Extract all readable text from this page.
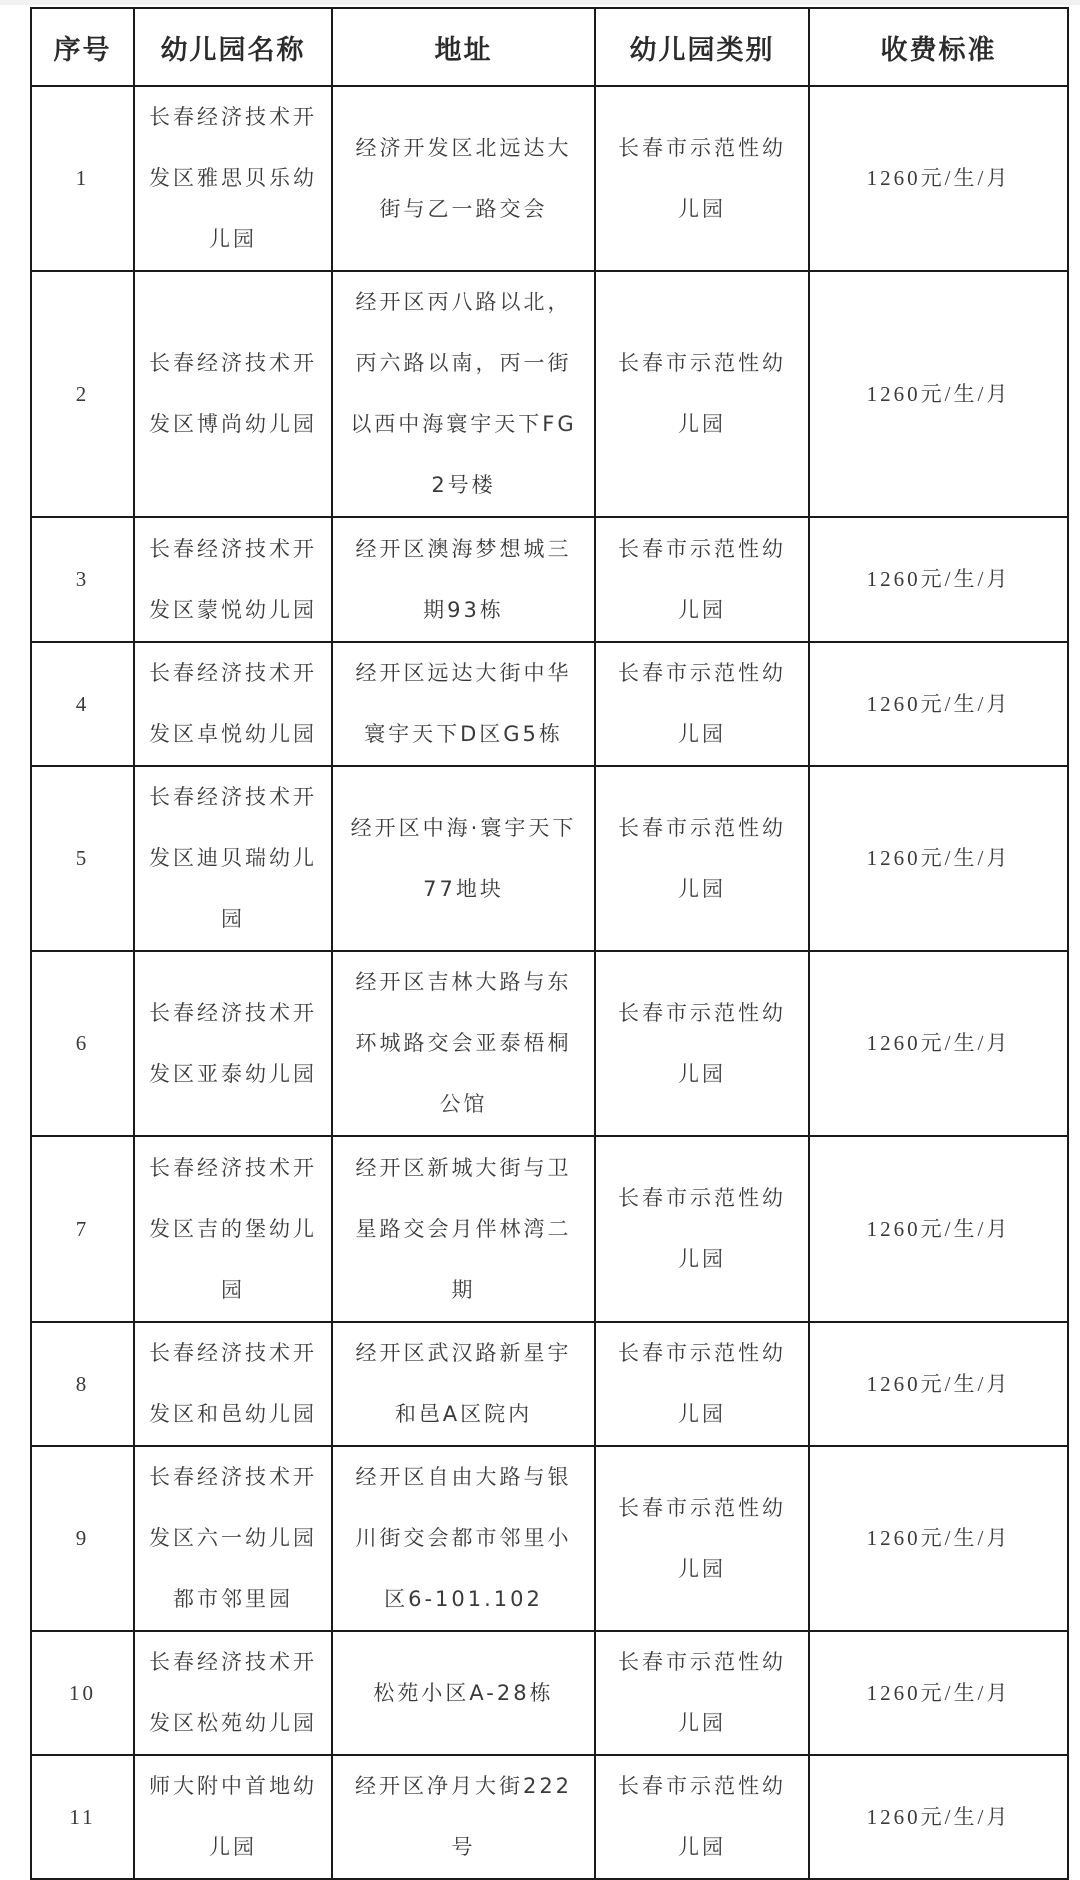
序号	幼儿园名称	地址	幼儿园类别	收费标准
1	长春经济技术开发区雅思贝乐幼儿园	经济开发区北远达大街与乙一路交会	长春市示范性幼儿园	1260元/生/月
2	长春经济技术开发区博尚幼儿园	经开区丙八路以北，丙六路以南，丙一街以西中海寰宇天下FG2号楼	长春市示范性幼儿园	1260元/生/月
3	长春经济技术开发区蒙悦幼儿园	经开区澳海梦想城三期93栋	长春市示范性幼儿园	1260元/生/月
4	长春经济技术开发区卓悦幼儿园	经开区远达大街中华寰宇天下D区G5栋	长春市示范性幼儿园	1260元/生/月
5	长春经济技术开发区迪贝瑞幼儿园	经开区中海·寰宇天下77地块	长春市示范性幼儿园	1260元/生/月
6	长春经济技术开发区亚泰幼儿园	经开区吉林大路与东环城路交会亚泰梧桐公馆	长春市示范性幼儿园	1260元/生/月
7	长春经济技术开发区吉的堡幼儿园	经开区新城大街与卫星路交会月伴林湾二期	长春市示范性幼儿园	1260元/生/月
8	长春经济技术开发区和邑幼儿园	经开区武汉路新星宇和邑A区院内	长春市示范性幼儿园	1260元/生/月
9	长春经济技术开发区六一幼儿园都市邻里园	经开区自由大路与银川街交会都市邻里小区6-101.102	长春市示范性幼儿园	1260元/生/月
10	长春经济技术开发区松苑幼儿园	松苑小区A-28栋	长春市示范性幼儿园	1260元/生/月
11	师大附中首地幼儿园	经开区净月大街222号	长春市示范性幼儿园	1260元/生/月
